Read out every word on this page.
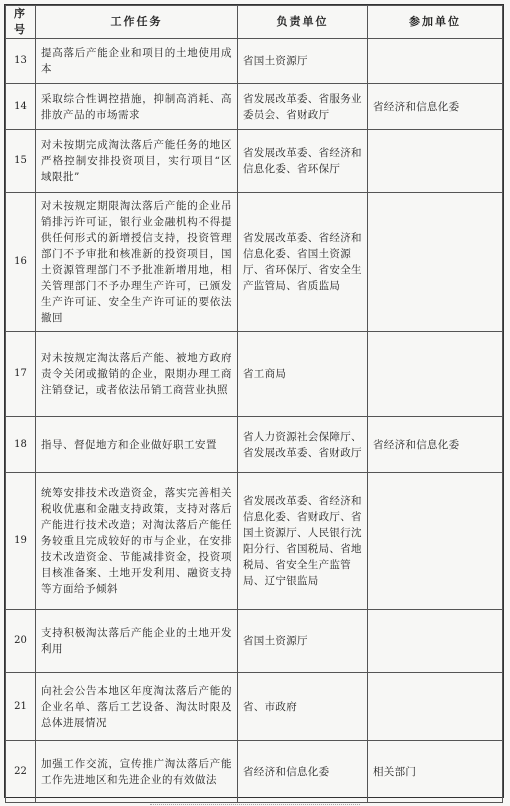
序号	工作任务	负责单位	参加单位
13	提高落后产能企业和项目的土地使用成本	省国土资源厅	
14	采取综合性调控措施，抑制高消耗、高排放产品的市场需求	省发展改革委、省服务业委员会、省财政厅	省经济和信息化委
15	对未按期完成淘汰落后产能任务的地区严格控制安排投资项目，实行项目“区域限批”	省发展改革委、省经济和信息化委、省环保厅	
16	对未按规定期限淘汰落后产能的企业吊销排污许可证，银行业金融机构不得提供任何形式的新增授信支持，投资管理部门不予审批和核准新的投资项目，国土资源管理部门不予批准新增用地，相关管理部门不予办理生产许可，已颁发生产许可证、安全生产许可证的要依法撤回	省发展改革委、省经济和信息化委、省国土资源厅、省环保厅、省安全生产监管局、省质监局	
17	对未按规定淘汰落后产能、被地方政府责令关闭或撤销的企业，限期办理工商注销登记，或者依法吊销工商营业执照	省工商局	
18	指导、督促地方和企业做好职工安置	省人力资源社会保障厅、省发展改革委、省财政厅	省经济和信息化委
19	统筹安排技术改造资金，落实完善相关税收优惠和金融支持政策，支持对落后产能进行技术改造；对淘汰落后产能任务较重且完成较好的市与企业，在安排技术改造资金、节能减排资金，投资项目核准备案、土地开发利用、融资支持等方面给予倾斜	省发展改革委、省经济和信息化委、省财政厅、省国土资源厅、人民银行沈阳分行、省国税局、省地税局、省安全生产监管局、辽宁银监局	
20	支持积极淘汰落后产能企业的土地开发利用	省国土资源厅	
21	向社会公告本地区年度淘汰落后产能的企业名单、落后工艺设备、淘汰时限及总体进展情况	省、市政府	
22	加强工作交流，宣传推广淘汰落后产能工作先进地区和先进企业的有效做法	省经济和信息化委	相关部门
